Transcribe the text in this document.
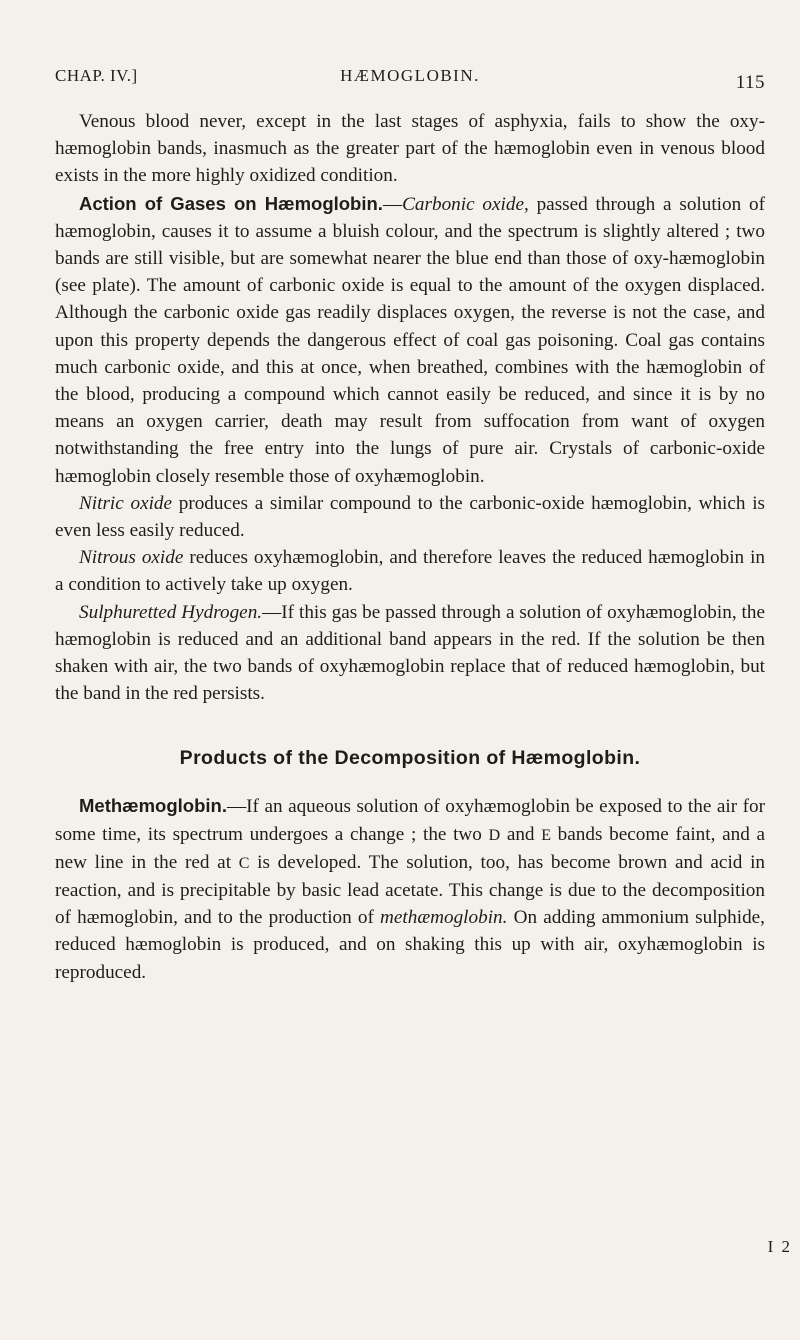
CHAP. IV.]	HÆMOGLOBIN.	115

Venous blood never, except in the last stages of asphyxia, fails to show the oxy-hæmoglobin bands, inasmuch as the greater part of the hæmoglobin even in venous blood exists in the more highly oxidized condition.

Action of Gases on Hæmoglobin.—Carbonic oxide, passed through a solution of hæmoglobin, causes it to assume a bluish colour, and the spectrum is slightly altered ; two bands are still visible, but are somewhat nearer the blue end than those of oxy-hæmoglobin (see plate). The amount of carbonic oxide is equal to the amount of the oxygen displaced. Although the carbonic oxide gas readily displaces oxygen, the reverse is not the case, and upon this property depends the dangerous effect of coal gas poisoning. Coal gas contains much carbonic oxide, and this at once, when breathed, combines with the hæmoglobin of the blood, producing a compound which cannot easily be reduced, and since it is by no means an oxygen carrier, death may result from suffocation from want of oxygen notwithstanding the free entry into the lungs of pure air. Crystals of carbonic-oxide hæmoglobin closely resemble those of oxyhæmoglobin.

Nitric oxide produces a similar compound to the carbonic-oxide hæmoglobin, which is even less easily reduced.

Nitrous oxide reduces oxyhæmoglobin, and therefore leaves the reduced hæmoglobin in a condition to actively take up oxygen.

Sulphuretted Hydrogen.—If this gas be passed through a solution of oxyhæmoglobin, the hæmoglobin is reduced and an additional band appears in the red. If the solution be then shaken with air, the two bands of oxyhæmoglobin replace that of reduced hæmoglobin, but the band in the red persists.

Products of the Decomposition of Hæmoglobin.

Methæmoglobin.—If an aqueous solution of oxyhæmoglobin be exposed to the air for some time, its spectrum undergoes a change ; the two D and E bands become faint, and a new line in the red at C is developed. The solution, too, has become brown and acid in reaction, and is precipitable by basic lead acetate. This change is due to the decomposition of hæmoglobin, and to the production of methæmoglobin. On adding ammonium sulphide, reduced hæmoglobin is produced, and on shaking this up with air, oxyhæmoglobin is reproduced.

I 2
